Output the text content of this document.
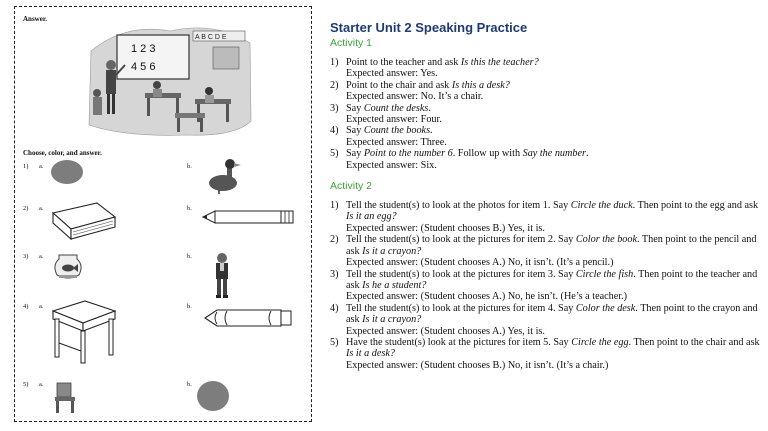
Answer.
1 2 3
4 5 6
A B C D E
Choose, color, and answer.
1) a.	b.
2) a.	b.
3) a.	b.
4) a.	b.
5) a.	b.
Starter Unit 2 Speaking Practice
Activity 1
1) Point to the teacher and ask Is this the teacher?
Expected answer: Yes.
2) Point to the chair and ask Is this a desk?
Expected answer: No. It’s a chair.
3) Say Count the desks.
Expected answer: Four.
4) Say Count the books.
Expected answer: Three.
5) Say Point to the number 6. Follow up with Say the number.
Expected answer: Six.
Activity 2
1) Tell the student(s) to look at the photos for item 1. Say Circle the duck. Then point to the egg and ask Is it an egg?
Expected answer: (Student chooses B.) Yes, it is.
2) Tell the student(s) to look at the pictures for item 2. Say Color the book. Then point to the pencil and ask Is it a crayon?
Expected answer: (Student chooses A.) No, it isn’t. (It’s a pencil.)
3) Tell the student(s) to look at the pictures for item 3. Say Circle the fish. Then point to the teacher and ask Is he a student?
Expected answer: (Student chooses A.) No, he isn’t. (He’s a teacher.)
4) Tell the student(s) to look at the pictures for item 4. Say Color the desk. Then point to the crayon and ask Is it a crayon?
Expected answer: (Student chooses A.) Yes, it is.
5) Have the student(s) look at the pictures for item 5. Say Circle the egg. Then point to the chair and ask Is it a desk?
Expected answer: (Student chooses B.) No, it isn’t. (It’s a chair.)
